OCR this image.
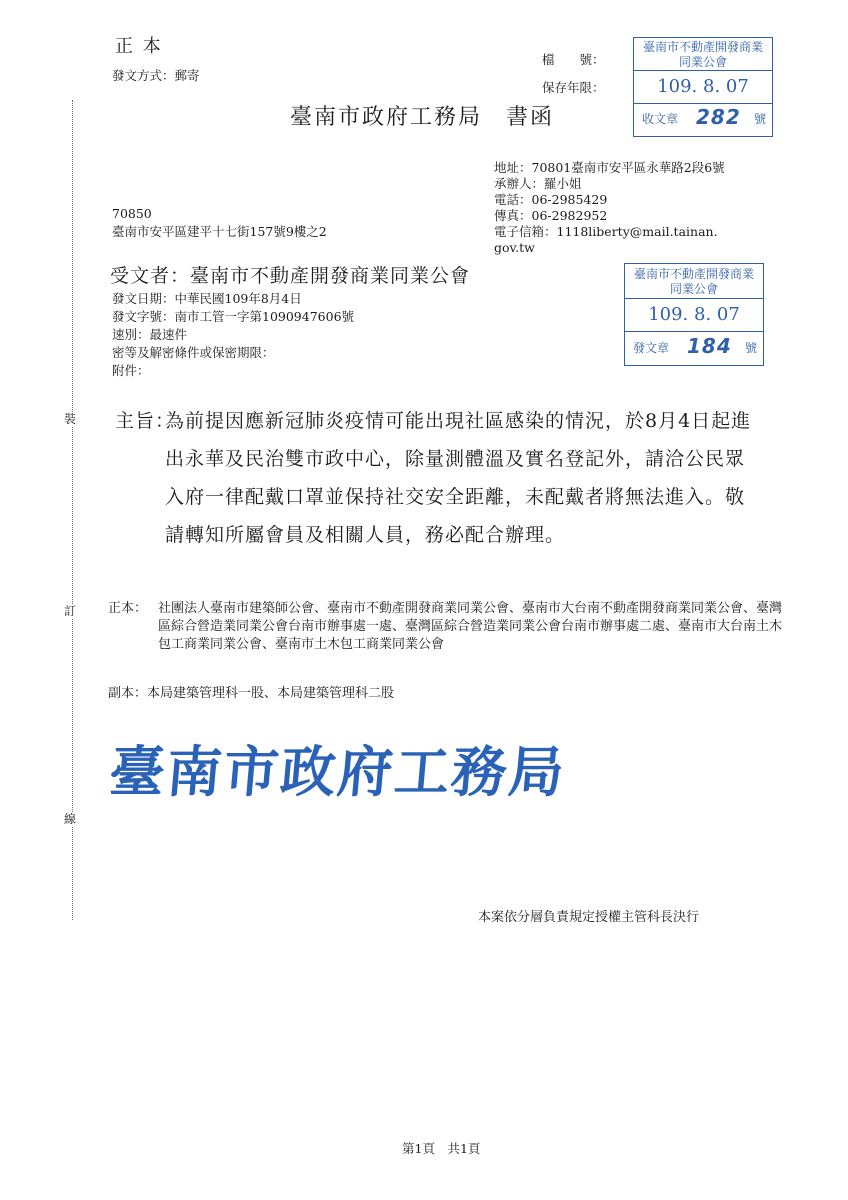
裝
訂
線
正 本
發文方式：郵寄
檔　　號：
保存年限：
臺南市政府工務局　書函
臺南市不動產開發商業同業公會
109. 8. 07
收文章 282 號
地址：70801臺南市安平區永華路2段6號
承辦人：羅小姐
電話：06-2985429
傳真：06-2982952
電子信箱：1118liberty@mail.tainan.
gov.tw
70850
臺南市安平區建平十七街157號9樓之2
受文者：臺南市不動產開發商業同業公會	臺南市不動產開發商業同業公會
109. 8. 07
發文章 184 號
發文日期：中華民國109年8月4日
發文字號：南市工管一字第1090947606號
速別：最速件
密等及解密條件或保密期限：
附件：
主旨：
為前提因應新冠肺炎疫情可能出現社區感染的情況，於8月4日起進出永華及民治雙市政中心，除量測體溫及實名登記外，請洽公民眾入府一律配戴口罩並保持社交安全距離，未配戴者將無法進入。敬請轉知所屬會員及相關人員，務必配合辦理。
正本： 社團法人臺南市建築師公會、臺南市不動產開發商業同業公會、臺南市大台南不動產開發商業同業公會、臺灣區綜合營造業同業公會台南市辦事處一處、臺灣區綜合營造業同業公會台南市辦事處二處、臺南市大台南土木包工商業同業公會、臺南市土木包工商業同業公會
副本：本局建築管理科一股、本局建築管理科二股
臺南市政府工務局
本案依分層負責規定授權主管科長決行
第1頁　共1頁
